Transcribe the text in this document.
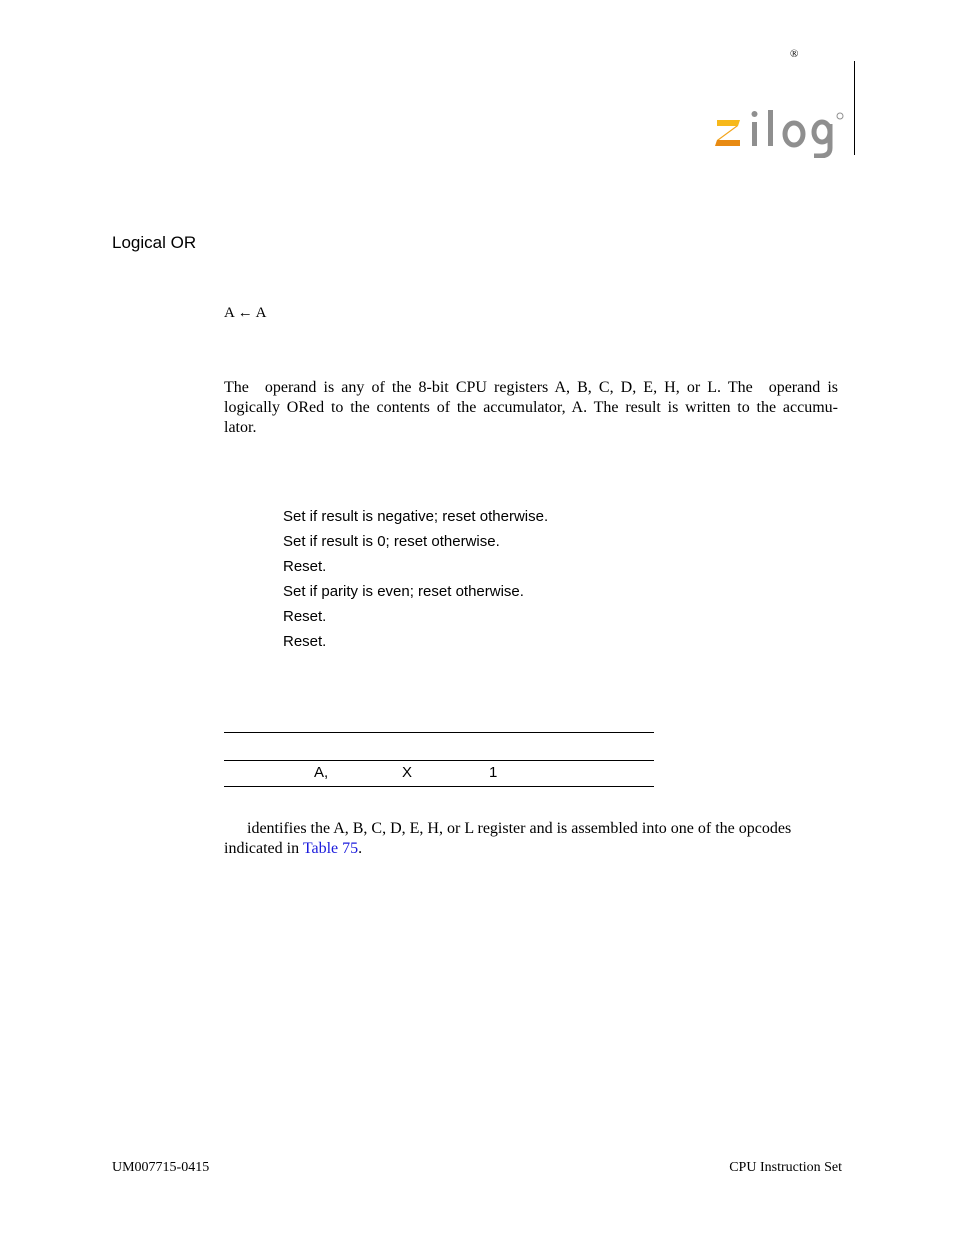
®
Logical OR
A ← A

The operand is any of the 8-bit CPU registers A, B, C, D, E, H, or L. The operand is
logically ORed to the contents of the accumulator, A. The result is written to the accumu-
lator.

Set if result is negative; reset otherwise.
Set if result is 0; reset otherwise.
Reset.
Set if parity is even; reset otherwise.
Reset.
Reset.
A,	X	1

identifies the A, B, C, D, E, H, or L register and is assembled into one of the opcodes
indicated in Table 75.

UM007715-0415	CPU Instruction Set
